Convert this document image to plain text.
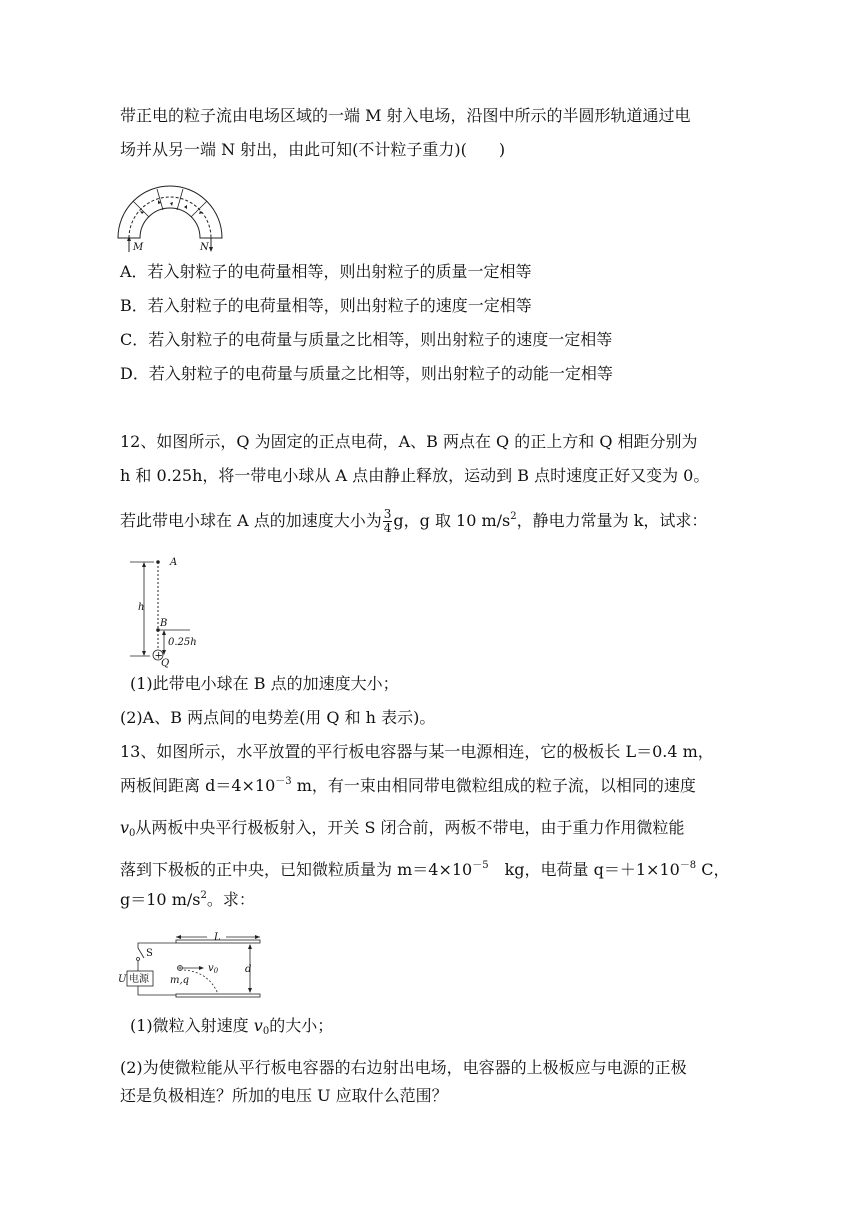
带正电的粒子流由电场区域的一端 M 射入电场，沿图中所示的半圆形轨道通过电
场并从另一端 N 射出，由此可知(不计粒子重力)(　　)
M	N
A．若入射粒子的电荷量相等，则出射粒子的质量一定相等
B．若入射粒子的电荷量相等，则出射粒子的速度一定相等
C．若入射粒子的电荷量与质量之比相等，则出射粒子的速度一定相等
D．若入射粒子的电荷量与质量之比相等，则出射粒子的动能一定相等
12、如图所示，Q 为固定的正点电荷，A、B 两点在 Q 的正上方和 Q 相距分别为
h 和 0.25h，将一带电小球从 A 点由静止释放，运动到 B 点时速度正好又变为 0。
若此带电小球在 A 点的加速度大小为 $\frac{3}{4}$ g，g 取 10 $m/s^2$，静电力常量为 k，试求：
+
A
h
B
0.25h
Q
(1)此带电小球在 B 点的加速度大小；
(2)A、B 两点间的电势差(用 Q 和 h 表示)。
13、如图所示，水平放置的平行板电容器与某一电源相连，它的极板长 L＝0.4 m，
两板间距离 $d=4\times 10^{-3}$ m，有一束由相同带电微粒组成的粒子流，以相同的速度
$v_0$从两板中央平行极板射入，开关 S 闭合前，两板不带电，由于重力作用微粒能
落到下极板的正中央，已知微粒质量为 $m=4\times 10^{-5}$　kg，电荷量 $q=+1\times 10^{-8}$ C，
g＝10 $m/s^2$。求：
L
d
S
电源
U
$v_0$
m,q
(1)微粒入射速度 $v_0$的大小；
(2)为使微粒能从平行板电容器的右边射出电场，电容器的上极板应与电源的正极
还是负极相连？所加的电压 U 应取什么范围？
